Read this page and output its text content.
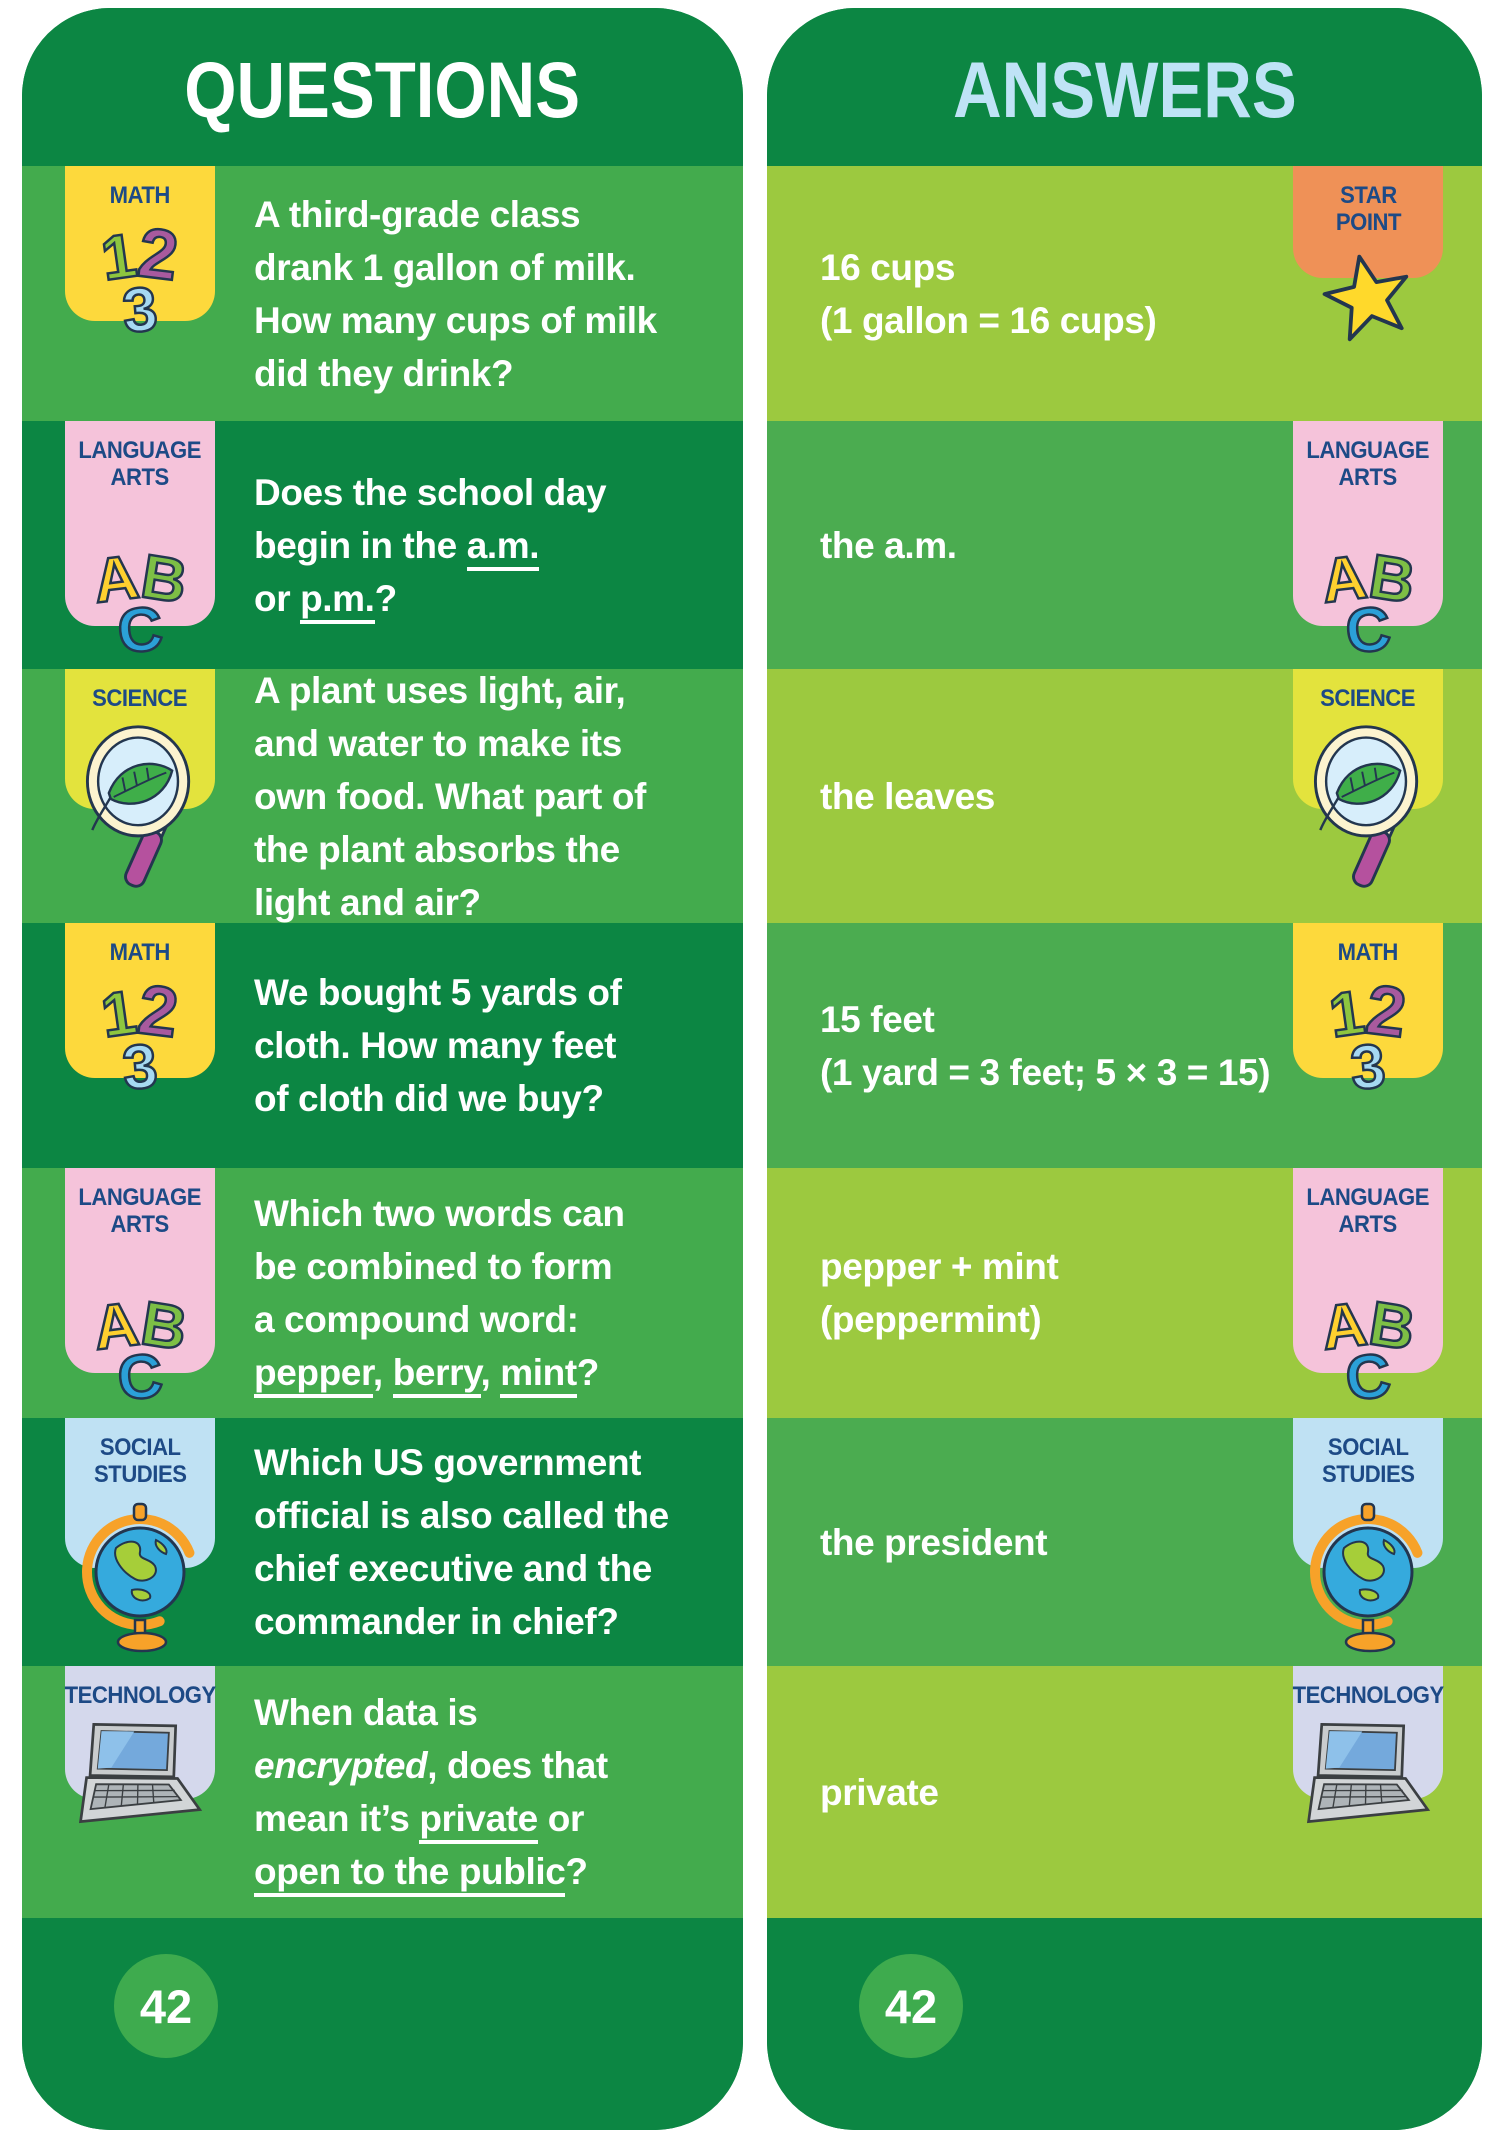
QUESTIONS
MATH
1
2
3
A third-grade class
drank 1 gallon of milk.
How many cups of milk
did they drink?
LANGUAGE
ARTS
A
B
C
Does the school day
begin in the a.m.
or p.m.?
SCIENCE A plant uses light, air,
and water to make its
own food. What part of
the plant absorbs the
light and air?
MATH
1
2
3
We bought 5 yards of
cloth. How many feet
of cloth did we buy?
LANGUAGE
ARTS
A
B
C
Which two words can
be combined to form
a compound word:
pepper, berry, mint?
SOCIAL
STUDIES Which US government
official is also called the
chief executive and the
commander in chief?
TECHNOLOGY When data is
encrypted, does that
mean it’s private or
open to the public?
42
ANSWERS
STAR
POINT
16 cups
(1 gallon = 16 cups)
LANGUAGE
ARTS
A
B
C
the a.m.
SCIENCE
the leaves
MATH
1
2
3
15 feet
(1 yard = 3 feet; 5 × 3 = 15)
LANGUAGE
ARTS
A
B
C
pepper + mint
(peppermint)
SOCIAL
STUDIES
the president
TECHNOLOGY
private
42
